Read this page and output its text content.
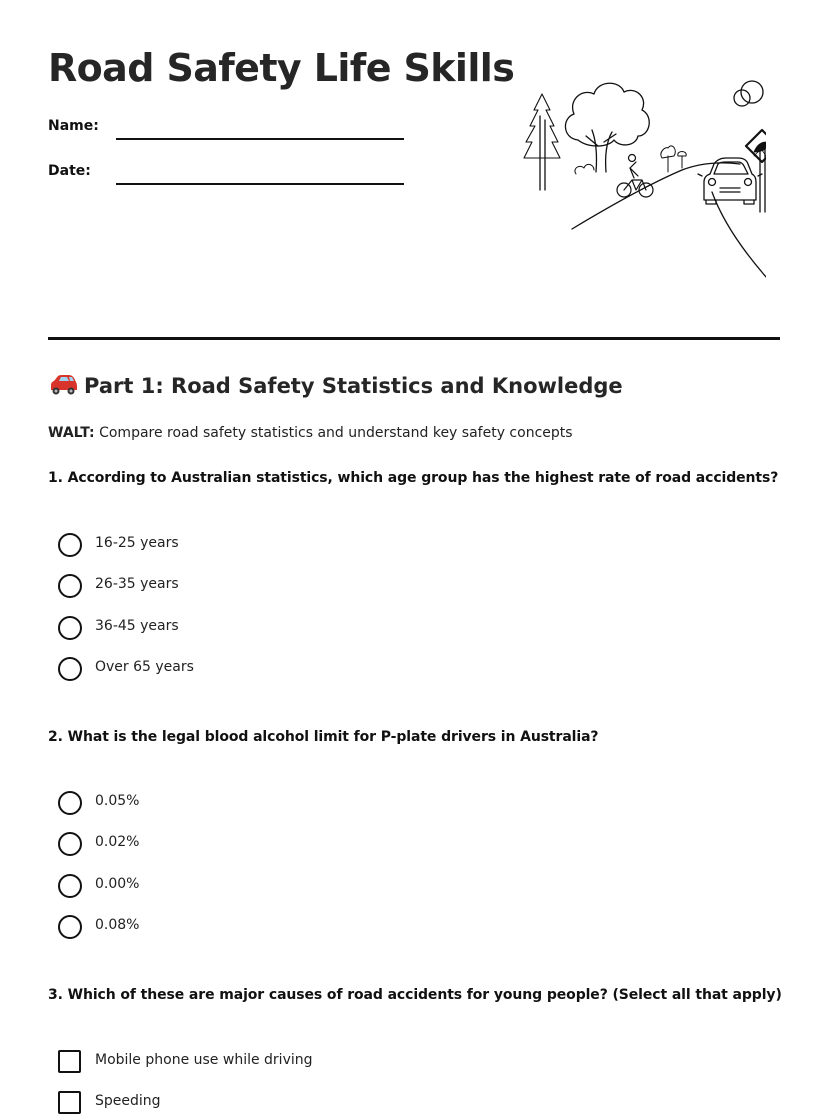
Road Safety Life Skills
Name:
Date:
Part 1: Road Safety Statistics and Knowledge
WALT: Compare road safety statistics and understand key safety concepts
1. According to Australian statistics, which age group has the highest rate of road accidents?
16-25 years
26-35 years
36-45 years
Over 65 years
2. What is the legal blood alcohol limit for P-plate drivers in Australia?
0.05%
0.02%
0.00%
0.08%
3. Which of these are major causes of road accidents for young people? (Select all that apply)
Mobile phone use while driving
Speeding
